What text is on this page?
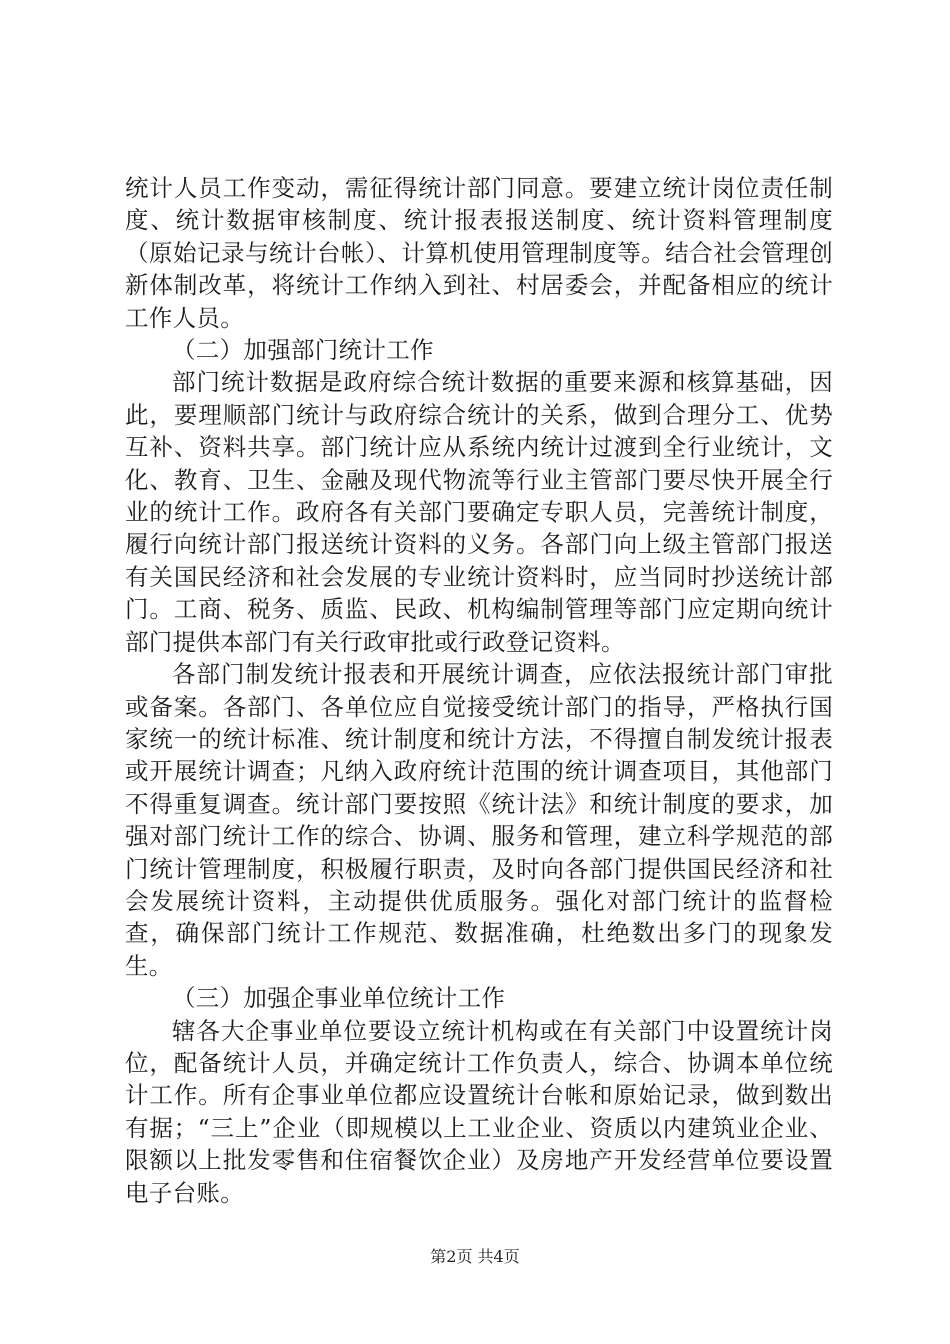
统计人员工作变动，需征得统计部门同意。要建立统计岗位责任制度、统计数据审核制度、统计报表报送制度、统计资料管理制度（原始记录与统计台帐）、计算机使用管理制度等。结合社会管理创新体制改革，将统计工作纳入到社、村居委会，并配备相应的统计工作人员。

（二）加强部门统计工作

部门统计数据是政府综合统计数据的重要来源和核算基础，因此，要理顺部门统计与政府综合统计的关系，做到合理分工、优势互补、资料共享。部门统计应从系统内统计过渡到全行业统计，文化、教育、卫生、金融及现代物流等行业主管部门要尽快开展全行业的统计工作。政府各有关部门要确定专职人员，完善统计制度，履行向统计部门报送统计资料的义务。各部门向上级主管部门报送有关国民经济和社会发展的专业统计资料时，应当同时抄送统计部门。工商、税务、质监、民政、机构编制管理等部门应定期向统计部门提供本部门有关行政审批或行政登记资料。

各部门制发统计报表和开展统计调查，应依法报统计部门审批或备案。各部门、各单位应自觉接受统计部门的指导，严格执行国家统一的统计标准、统计制度和统计方法，不得擅自制发统计报表或开展统计调查；凡纳入政府统计范围的统计调查项目，其他部门不得重复调查。统计部门要按照《统计法》和统计制度的要求，加强对部门统计工作的综合、协调、服务和管理，建立科学规范的部门统计管理制度，积极履行职责，及时向各部门提供国民经济和社会发展统计资料，主动提供优质服务。强化对部门统计的监督检查，确保部门统计工作规范、数据准确，杜绝数出多门的现象发生。

（三）加强企事业单位统计工作

辖各大企事业单位要设立统计机构或在有关部门中设置统计岗位，配备统计人员，并确定统计工作负责人，综合、协调本单位统计工作。所有企事业单位都应设置统计台帐和原始记录，做到数出有据；“三上”企业（即规模以上工业企业、资质以内建筑业企业、限额以上批发零售和住宿餐饮企业）及房地产开发经营单位要设置电子台账。

第2页 共4页
